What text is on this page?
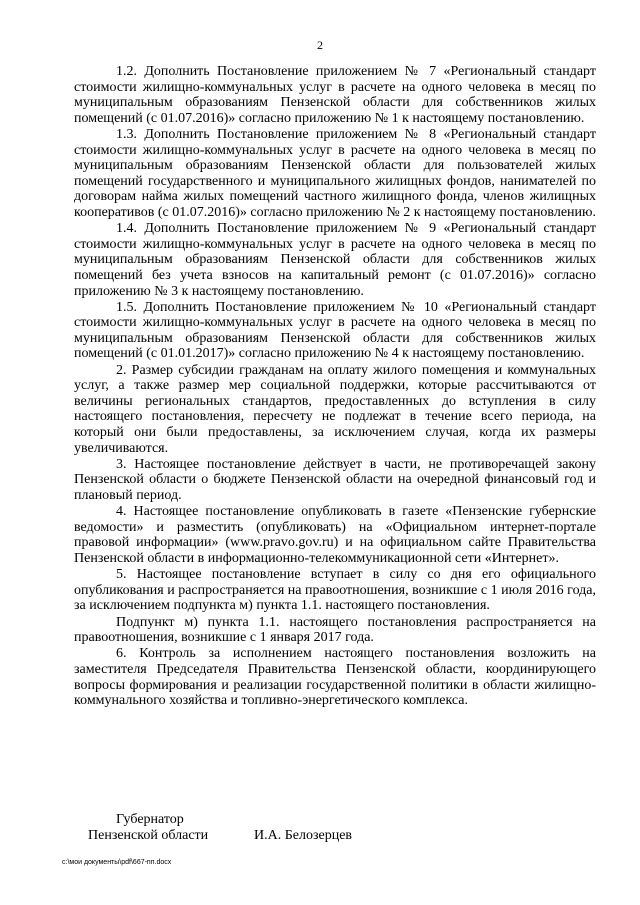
2

1.2. Дополнить Постановление приложением № 7 «Региональный стандарт стоимости жилищно-коммунальных услуг в расчете на одного человека в месяц по муниципальным образованиям Пензенской области для собственников жилых помещений (с 01.07.2016)» согласно приложению № 1 к настоящему постановлению.

1.3. Дополнить Постановление приложением № 8 «Региональный стандарт стоимости жилищно-коммунальных услуг в расчете на одного человека в месяц по муниципальным образованиям Пензенской области для пользователей жилых помещений государственного и муниципального жилищных фондов, нанимателей по договорам найма жилых помещений частного жилищного фонда, членов жилищных кооперативов (с 01.07.2016)» согласно приложению № 2 к настоящему постановлению.

1.4. Дополнить Постановление приложением № 9 «Региональный стандарт стоимости жилищно-коммунальных услуг в расчете на одного человека в месяц по муниципальным образованиям Пензенской области для собственников жилых помещений без учета взносов на капитальный ремонт (с 01.07.2016)» согласно приложению № 3 к настоящему постановлению.

1.5. Дополнить Постановление приложением № 10 «Региональный стандарт стоимости жилищно-коммунальных услуг в расчете на одного человека в месяц по муниципальным образованиям Пензенской области для собственников жилых помещений (с 01.01.2017)» согласно приложению № 4 к настоящему постановлению.

2. Размер субсидии гражданам на оплату жилого помещения и коммунальных услуг, а также размер мер социальной поддержки, которые рассчитываются от величины региональных стандартов, предоставленных до вступления в силу настоящего постановления, пересчету не подлежат в течение всего периода, на который они были предоставлены, за исключением случая, когда их размеры увеличиваются.

3. Настоящее постановление действует в части, не противоречащей закону Пензенской области о бюджете Пензенской области на очередной финансовый год и плановый период.

4. Настоящее постановление опубликовать в газете «Пензенские губернские ведомости» и разместить (опубликовать) на «Официальном интернет-портале правовой информации» (www.pravo.gov.ru) и на официальном сайте Правительства Пензенской области в информационно-телекоммуникационной сети «Интернет».

5. Настоящее постановление вступает в силу со дня его официального опубликования и распространяется на правоотношения, возникшие с 1 июля 2016 года, за исключением подпункта м) пункта 1.1. настоящего постановления.

Подпункт м) пункта 1.1. настоящего постановления распространяется на правоотношения, возникшие с 1 января 2017 года.

6. Контроль за исполнением настоящего постановления возложить на заместителя Председателя Правительства Пензенской области, координирующего вопросы формирования и реализации государственной политики в области жилищно-коммунального хозяйства и топливно-энергетического комплекса.

Губернатор
Пензенской области	И.А. Белозерцев
c:\мои документы\pdf\667-пп.docx
